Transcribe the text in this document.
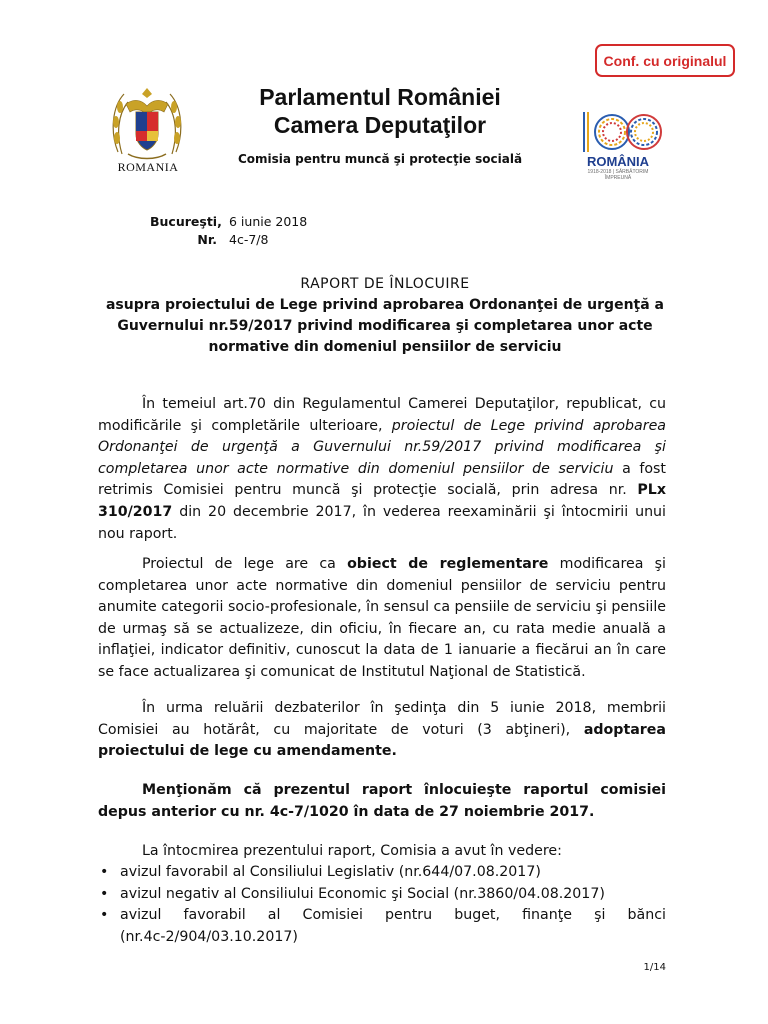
Conf. cu originalul
ROMANIA
Parlamentul României
Camera Deputaţilor
Comisia pentru muncă şi protecţie socială	ROMÂNIA
1918-2018 | SĂRBĂTORIM ÎMPREUNĂ
Bucureşti, 6 iunie 2018
Nr. 4c-7/8
RAPORT DE ÎNLOCUIRE
asupra proiectului de Lege privind aprobarea Ordonanţei de urgenţă a
Guvernului nr.59/2017 privind modificarea şi completarea unor acte
normative din domeniul pensiilor de serviciu
În temeiul art.70 din Regulamentul Camerei Deputaţilor, republicat, cu modificările şi completările ulterioare, proiectul de Lege privind aprobarea Ordonanţei de urgenţă a Guvernului nr.59/2017 privind modificarea şi completarea unor acte normative din domeniul pensiilor de serviciu a fost retrimis Comisiei pentru muncă şi protecţie socială, prin adresa nr. PLx 310/2017 din 20 decembrie 2017, în vederea reexaminării şi întocmirii unui nou raport.
Proiectul de lege are ca obiect de reglementare modificarea şi completarea unor acte normative din domeniul pensiilor de serviciu pentru anumite categorii socio-profesionale, în sensul ca pensiile de serviciu şi pensiile de urmaş să se actualizeze, din oficiu, în fiecare an, cu rata medie anuală a inflaţiei, indicator definitiv, cunoscut la data de 1 ianuarie a fiecărui an în care se face actualizarea şi comunicat de Institutul Naţional de Statistică.
În urma reluării dezbaterilor în şedinţa din 5 iunie 2018, membrii Comisiei au hotărât, cu majoritate de voturi (3 abţineri), adoptarea proiectului de lege cu amendamente.
Menţionăm că prezentul raport înlocuieşte raportul comisiei depus anterior cu nr. 4c-7/1020 în data de 27 noiembrie 2017.
La întocmirea prezentului raport, Comisia a avut în vedere:
• avizul favorabil al Consiliului Legislativ (nr.644/07.08.2017)
• avizul negativ al Consiliului Economic şi Social (nr.3860/04.08.2017)
• avizul favorabil al Comisiei pentru buget, finanţe şi bănci
(nr.4c-2/904/03.10.2017)
1/14
